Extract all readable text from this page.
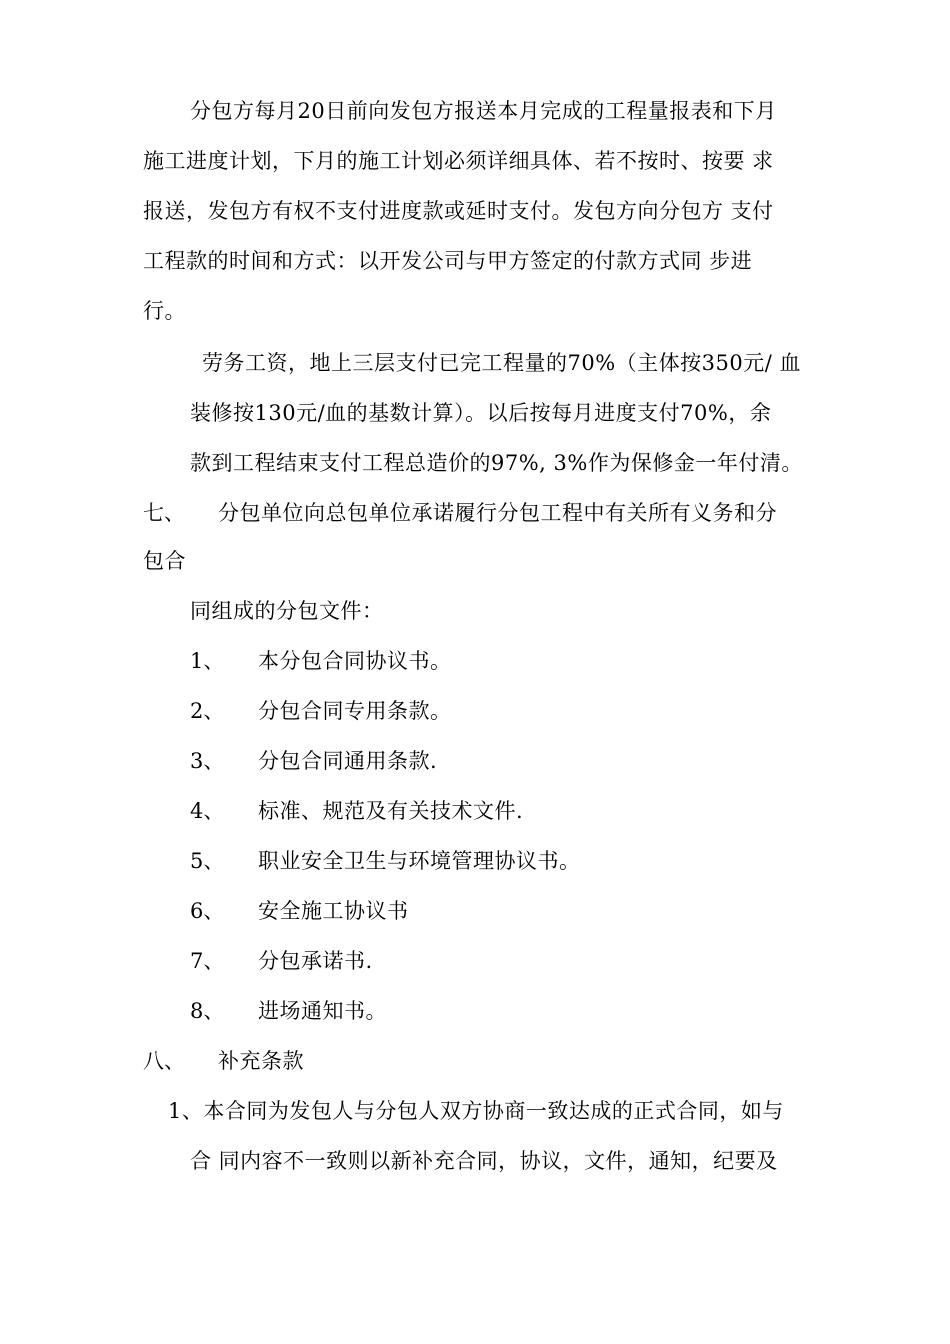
分包方每月20日前向发包方报送本月完成的工程量报表和下月
施工进度计划，下月的施工计划必须详细具体、若不按时、按要 求
报送，发包方有权不支付进度款或延时支付。发包方向分包方 支付
工程款的时间和方式：以开发公司与甲方签定的付款方式同 步进
行。
劳务工资，地上三层支付已完工程量的70%（主体按350元/ 血
装修按130元/血的基数计算）。以后按每月进度支付70%，余
款到工程结束支付工程总造价的97%, 3%作为保修金一年付清。
七、 分包单位向总包单位承诺履行分包工程中有关所有义务和分
包合
同组成的分包文件：
1、 本分包合同协议书。
2、 分包合同专用条款。
3、 分包合同通用条款.
4、 标准、规范及有关技术文件.
5、 职业安全卫生与环境管理协议书。
6、 安全施工协议书
7、 分包承诺书.
8、 进场通知书。
八、 补充条款
1、本合同为发包人与分包人双方协商一致达成的正式合同，如与
合 同内容不一致则以新补充合同，协议，文件，通知，纪要及
